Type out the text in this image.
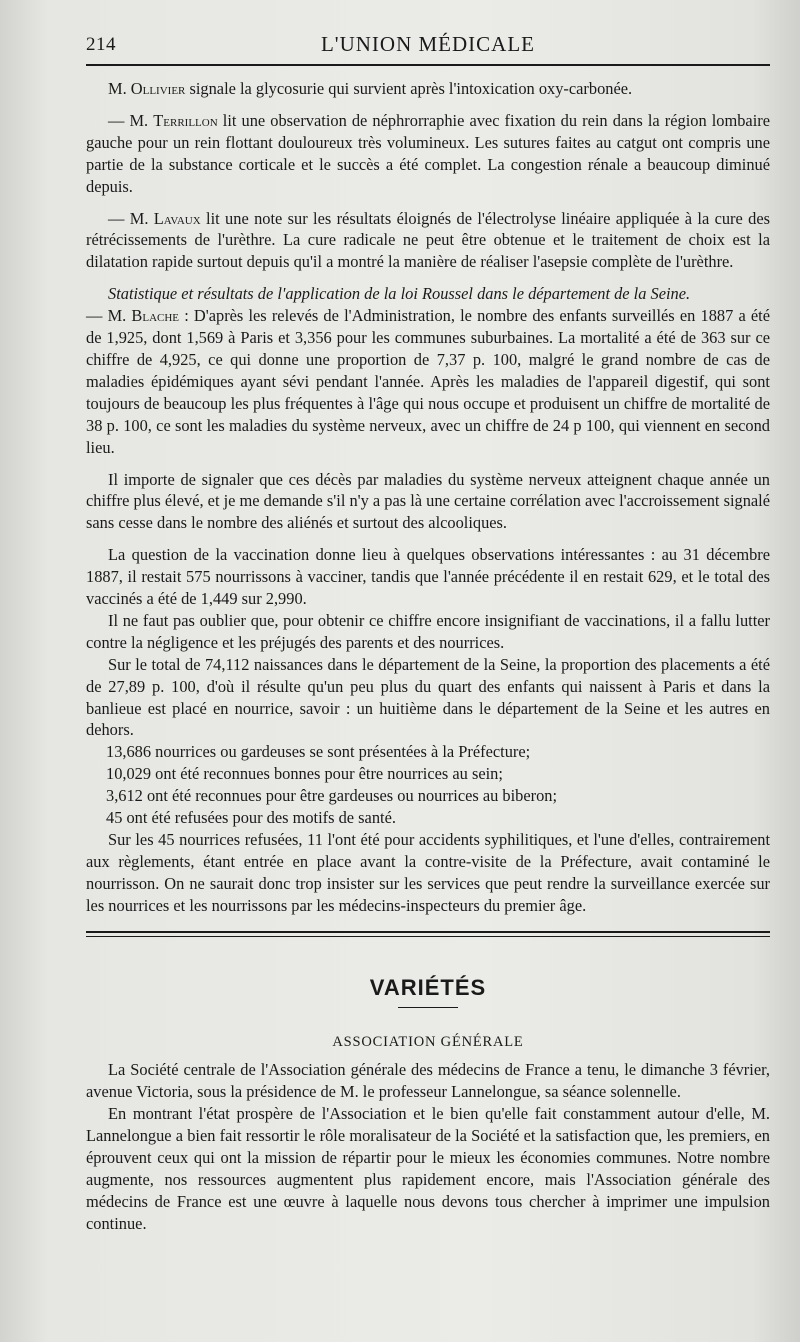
214	L'UNION MÉDICALE

M. Ollivier signale la glycosurie qui survient après l'intoxication oxy-carbonée.

— M. Terrillon lit une observation de néphrorraphie avec fixation du rein dans la région lombaire gauche pour un rein flottant douloureux très volumineux. Les sutures faites au catgut ont compris une partie de la substance corticale et le succès a été complet. La congestion rénale a beaucoup diminué depuis.

— M. Lavaux lit une note sur les résultats éloignés de l'électrolyse linéaire appliquée à la cure des rétrécissements de l'urèthre. La cure radicale ne peut être obtenue et le traitement de choix est la dilatation rapide surtout depuis qu'il a montré la manière de réaliser l'asepsie complète de l'urèthre.

Statistique et résultats de l'application de la loi Roussel dans le département de la Seine.

— M. Blache : D'après les relevés de l'Administration, le nombre des enfants surveillés en 1887 a été de 1,925, dont 1,569 à Paris et 3,356 pour les communes suburbaines. La mortalité a été de 363 sur ce chiffre de 4,925, ce qui donne une proportion de 7,37 p. 100, malgré le grand nombre de cas de maladies épidémiques ayant sévi pendant l'année. Après les maladies de l'appareil digestif, qui sont toujours de beaucoup les plus fréquentes à l'âge qui nous occupe et produisent un chiffre de mortalité de 38 p. 100, ce sont les maladies du système nerveux, avec un chiffre de 24 p 100, qui viennent en second lieu.

Il importe de signaler que ces décès par maladies du système nerveux atteignent chaque année un chiffre plus élevé, et je me demande s'il n'y a pas là une certaine corrélation avec l'accroissement signalé sans cesse dans le nombre des aliénés et surtout des alcooliques.

La question de la vaccination donne lieu à quelques observations intéressantes : au 31 décembre 1887, il restait 575 nourrissons à vacciner, tandis que l'année précédente il en restait 629, et le total des vaccinés a été de 1,449 sur 2,990.

Il ne faut pas oublier que, pour obtenir ce chiffre encore insignifiant de vaccinations, il a fallu lutter contre la négligence et les préjugés des parents et des nourrices.

Sur le total de 74,112 naissances dans le département de la Seine, la proportion des placements a été de 27,89 p. 100, d'où il résulte qu'un peu plus du quart des enfants qui naissent à Paris et dans la banlieue est placé en nourrice, savoir : un huitième dans le département de la Seine et les autres en dehors.

13,686 nourrices ou gardeuses se sont présentées à la Préfecture;

10,029 ont été reconnues bonnes pour être nourrices au sein;

3,612 ont été reconnues pour être gardeuses ou nourrices au biberon;

45 ont été refusées pour des motifs de santé.

Sur les 45 nourrices refusées, 11 l'ont été pour accidents syphilitiques, et l'une d'elles, contrairement aux règlements, étant entrée en place avant la contre-visite de la Préfecture, avait contaminé le nourrisson. On ne saurait donc trop insister sur les services que peut rendre la surveillance exercée sur les nourrices et les nourrissons par les médecins-inspecteurs du premier âge.

VARIÉTÉS
ASSOCIATION GÉNÉRALE

La Société centrale de l'Association générale des médecins de France a tenu, le dimanche 3 février, avenue Victoria, sous la présidence de M. le professeur Lannelongue, sa séance solennelle.

En montrant l'état prospère de l'Association et le bien qu'elle fait constamment autour d'elle, M. Lannelongue a bien fait ressortir le rôle moralisateur de la Société et la satisfaction que, les premiers, en éprouvent ceux qui ont la mission de répartir pour le mieux les économies communes. Notre nombre augmente, nos ressources augmentent plus rapidement encore, mais l'Association générale des médecins de France est une œuvre à laquelle nous devons tous chercher à imprimer une impulsion continue.
